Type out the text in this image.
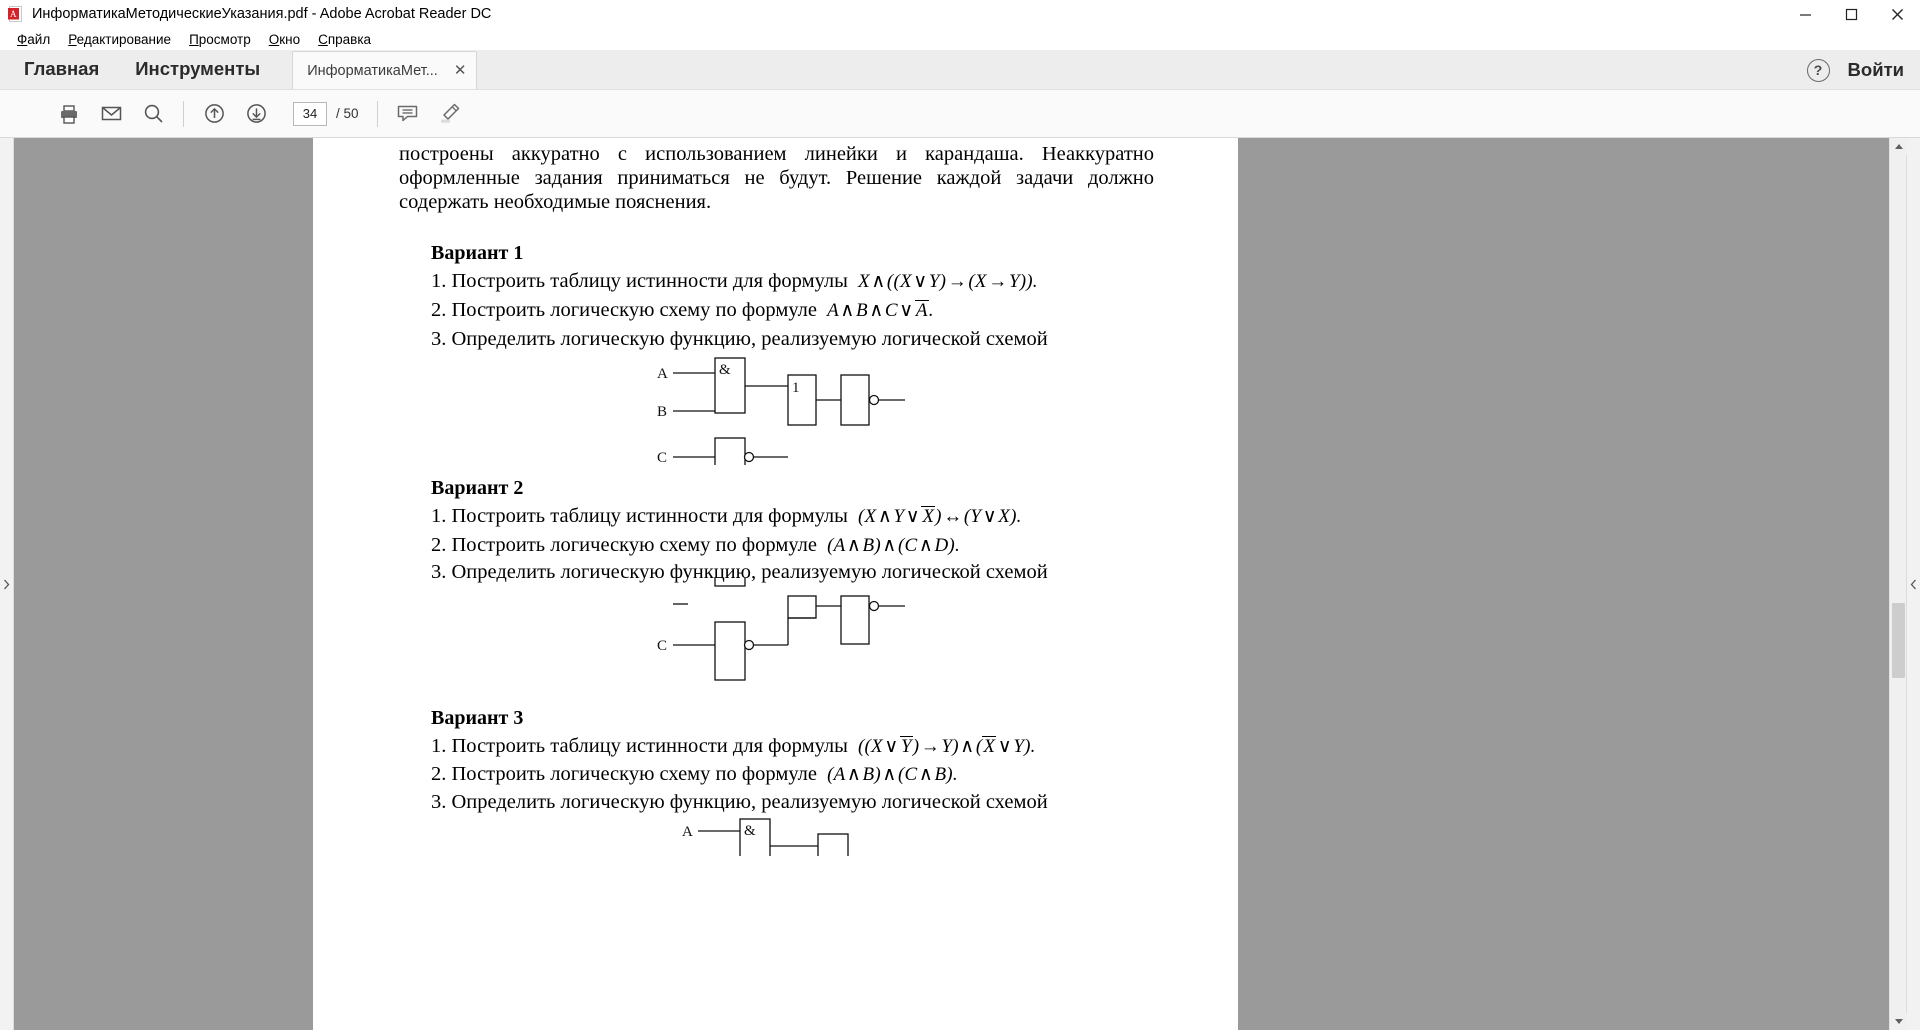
A ИнформатикаМетодическиеУказания.pdf - Adobe Acrobat Reader DC
Файл	Редактирование	Просмотр	Окно	Справка
Главная	Инструменты	ИнформатикаМет... ✕	?	Войти
34	/ 50
построены аккуратно с использованием линейки и карандаша. Неаккуратно оформленные задания приниматься не будут. Решение каждой задачи должно содержать необходимые пояснения.
Вариант 1
1. Построить таблицу истинности для формулы  X∧((X∨Y)→(X→Y)).
2. Построить логическую схему по формуле  A∧B∧C∨ A.
3. Определить логическую функцию, реализуемую логической схемой
A
B
C
&
1
Вариант 2
1. Построить таблицу истинности для формулы  (X∧Y∨ X)↔(Y∨X).
2. Построить логическую схему по формуле  (A∧B)∧(C∧D).
3. Определить логическую функцию, реализуемую логической схемой
C
Вариант 3
1. Построить таблицу истинности для формулы  ((X∨ Y)→Y)∧(X ∨Y).
2. Построить логическую схему по формуле  (A∧B)∧(C∧B).
3. Определить логическую функцию, реализуемую логической схемой
A	&
